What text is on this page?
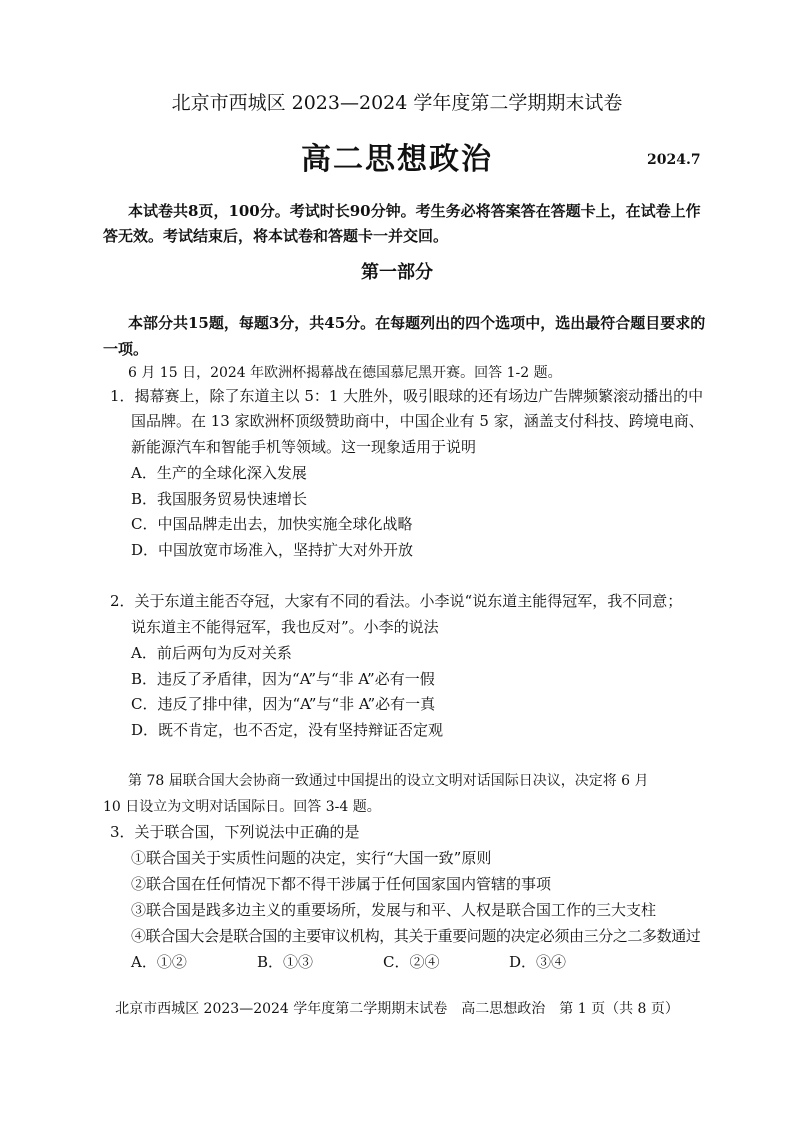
北京市西城区 2023—2024 学年度第二学期期末试卷
高二思想政治	2024.7
本试卷共8页，100分。考试时长90分钟。考生务必将答案答在答题卡上，在试卷上作
答无效。考试结束后，将本试卷和答题卡一并交回。
第一部分
本部分共15题，每题3分，共45分。在每题列出的四个选项中，选出最符合题目要求的
一项。
6 月 15 日，2024 年欧洲杯揭幕战在德国慕尼黑开赛。回答 1-2 题。
1．揭幕赛上，除了东道主以 5：1 大胜外，吸引眼球的还有场边广告牌频繁滚动播出的中
国品牌。在 13 家欧洲杯顶级赞助商中，中国企业有 5 家，涵盖支付科技、跨境电商、
新能源汽车和智能手机等领域。这一现象适用于说明
A．生产的全球化深入发展
B．我国服务贸易快速增长
C．中国品牌走出去，加快实施全球化战略
D．中国放宽市场准入，坚持扩大对外开放
2．关于东道主能否夺冠，大家有不同的看法。小李说“说东道主能得冠军，我不同意；
说东道主不能得冠军，我也反对”。小李的说法
A．前后两句为反对关系
B．违反了矛盾律，因为“A”与“非 A”必有一假
C．违反了排中律，因为“A”与“非 A”必有一真
D．既不肯定，也不否定，没有坚持辩证否定观
第 78 届联合国大会协商一致通过中国提出的设立文明对话国际日决议，决定将 6 月
10 日设立为文明对话国际日。回答 3-4 题。
3．关于联合国，下列说法中正确的是
①联合国关于实质性问题的决定，实行“大国一致”原则
②联合国在任何情况下都不得干涉属于任何国家国内管辖的事项
③联合国是践多边主义的重要场所，发展与和平、人权是联合国工作的三大支柱
④联合国大会是联合国的主要审议机构，其关于重要问题的决定必须由三分之二多数通过
A．①②	B．①③	C．②④	D．③④
北京市西城区 2023—2024 学年度第二学期期末试卷　高二思想政治　第 1 页（共 8 页）
